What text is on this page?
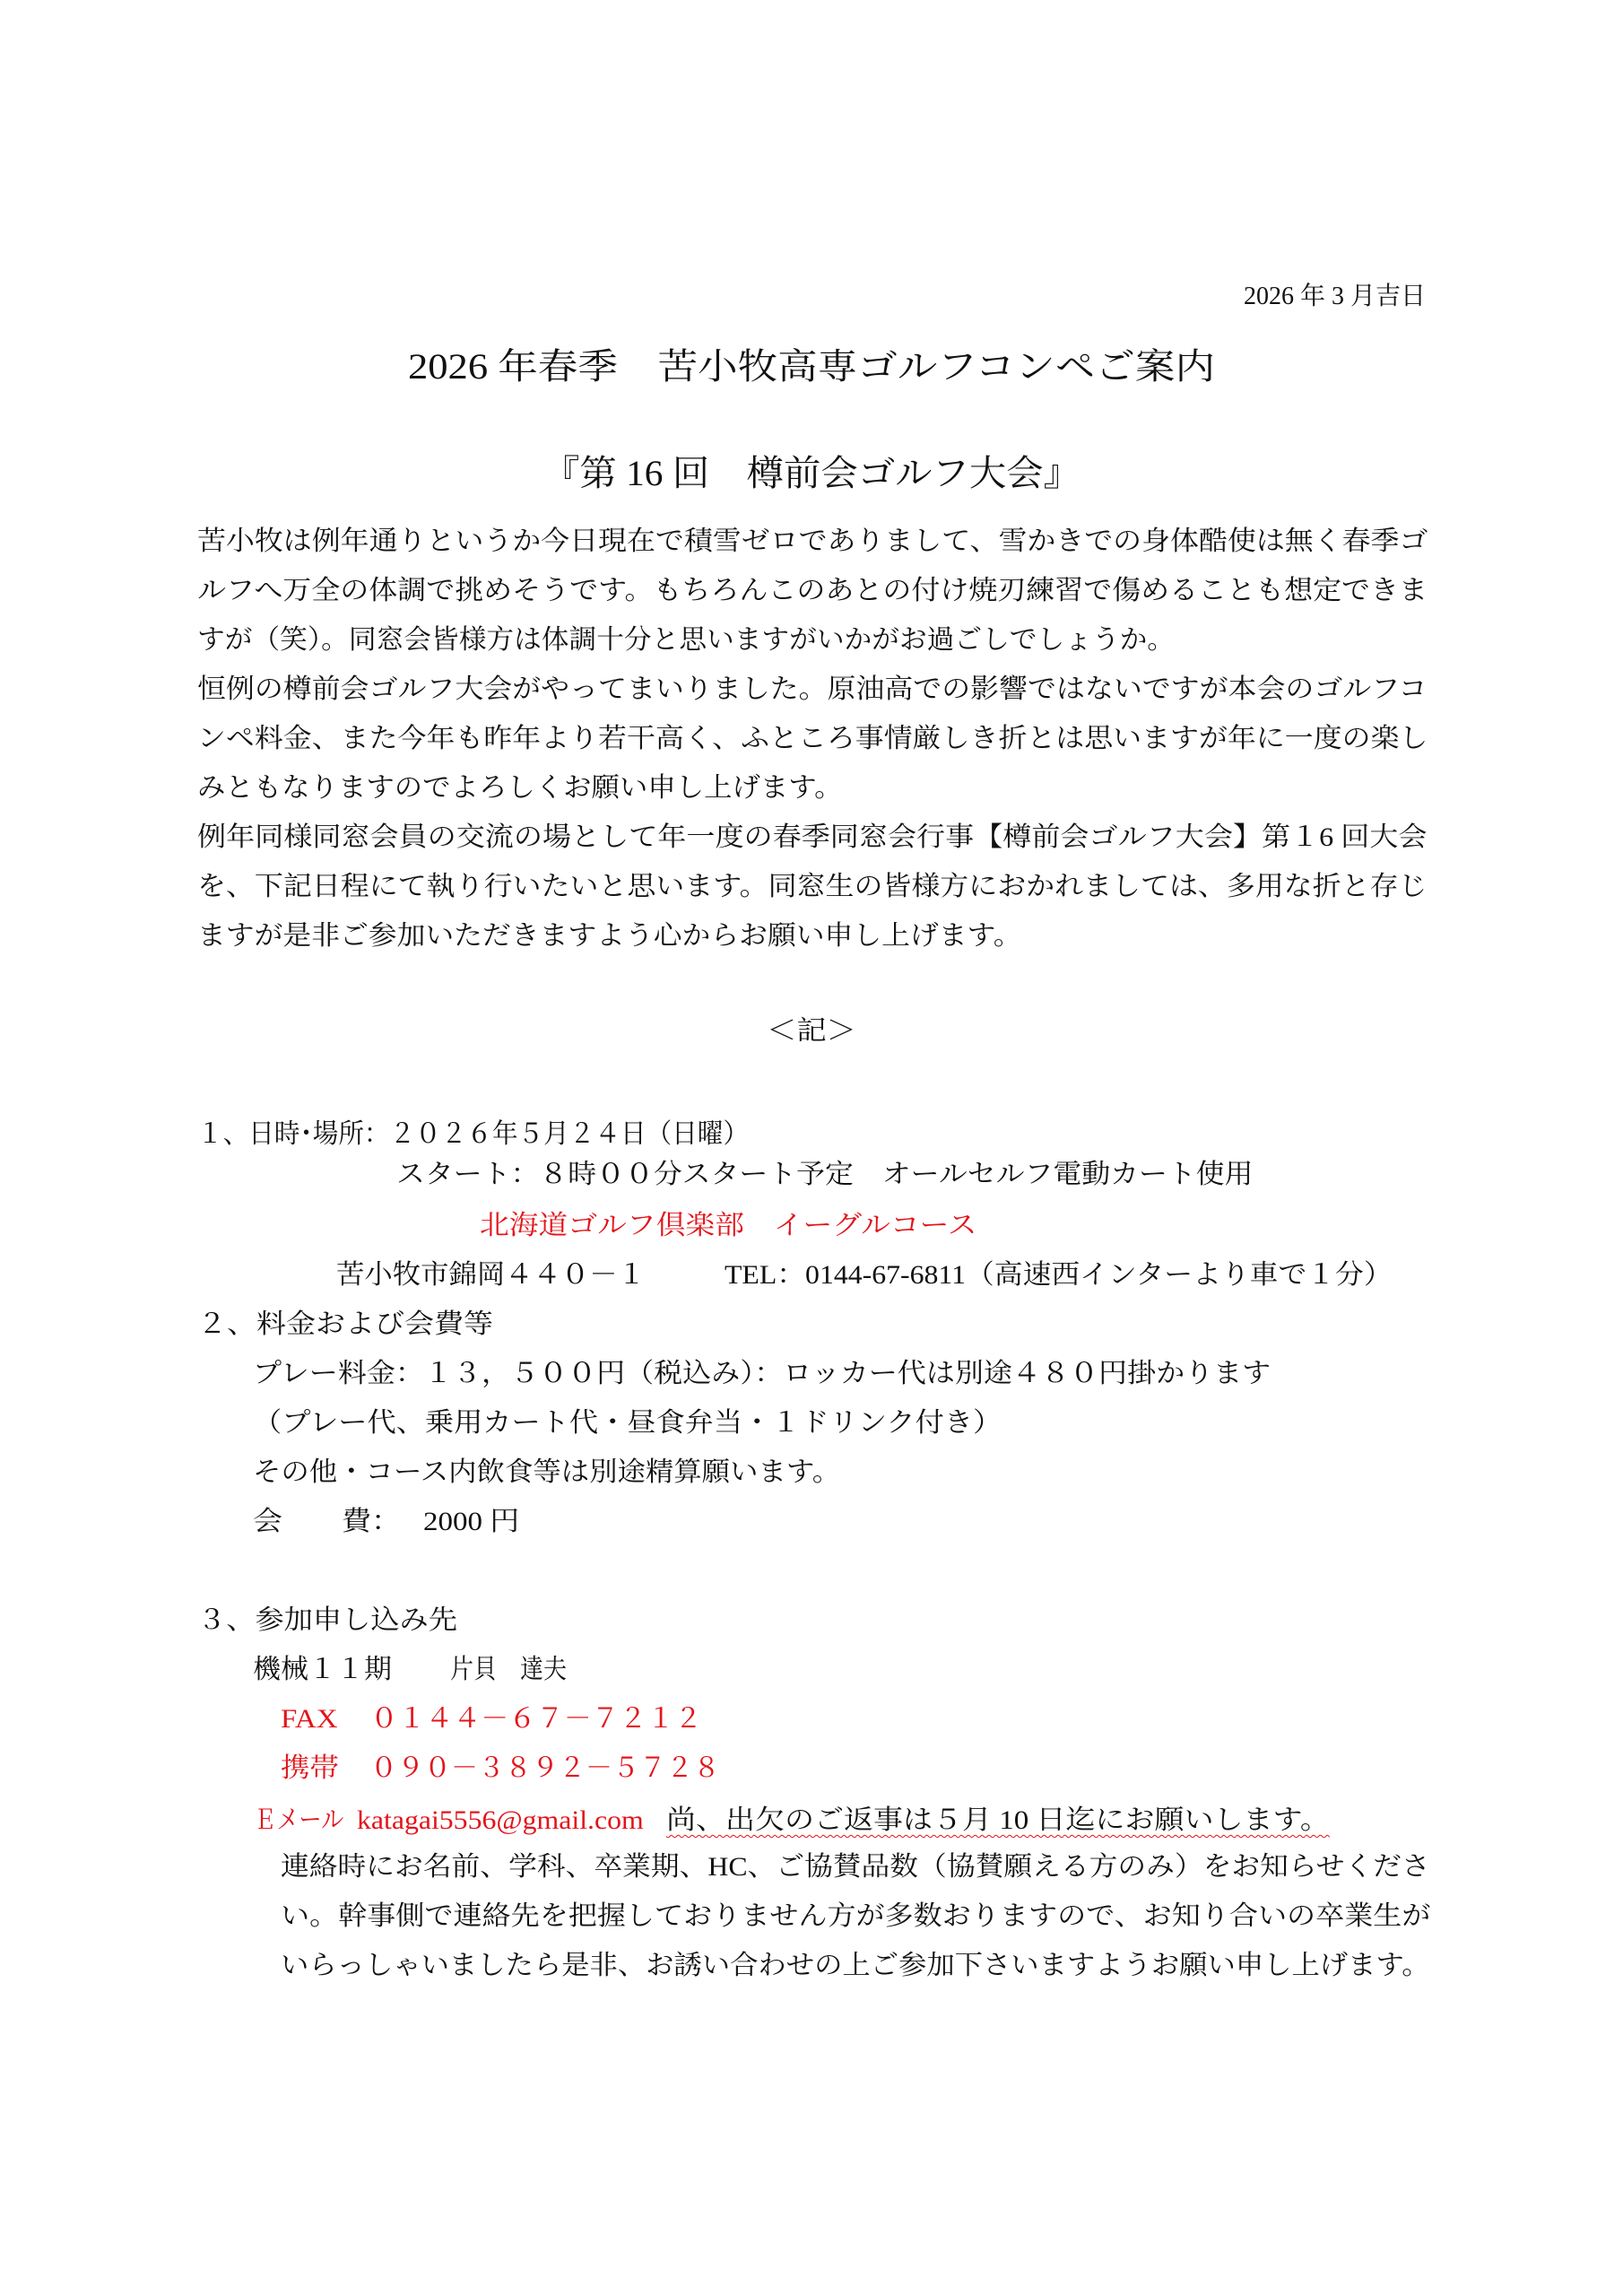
2026 年 3 月吉日
2026 年春季　苦小牧高専ゴルフコンペご案内
『第 16 回　樽前会ゴルフ大会』
苦小牧は例年通りというか今日現在で積雪ゼロでありまして、雪かきでの身体酷使は無く春季ゴ
ルフへ万全の体調で挑めそうです。もちろんこのあとの付け焼刃練習で傷めることも想定できま
すが（笑）。同窓会皆様方は体調十分と思いますがいかがお過ごしでしょうか。
恒例の樽前会ゴルフ大会がやってまいりました。原油高での影響ではないですが本会のゴルフコ
ンペ料金、また今年も昨年より若干高く、ふところ事情厳しき折とは思いますが年に一度の楽し
みともなりますのでよろしくお願い申し上げます。
例年同様同窓会員の交流の場として年一度の春季同窓会行事【樽前会ゴルフ大会】第１6 回大会
を、下記日程にて執り行いたいと思います。同窓生の皆様方におかれましては、多用な折と存じ
ますが是非ご参加いただきますよう心からお願い申し上げます。
＜記＞
１、日時･場所：２０２６年５月２４日（日曜）
スタート：８時００分スタート予定　オールセルフ電動カート使用
北海道ゴルフ倶楽部　イーグルコース
苦小牧市錦岡４４０－１	TEL：0144-67-6811（高速西インターより車で１分）
２、料金および会費等
プレー料金：１３，５００円（税込み）：ロッカー代は別途４８０円掛かります
（プレー代、乗用カート代・昼食弁当・１ドリンク付き）
その他・コース内飲食等は別途精算願います。
会　　費： 2000 円
３、参加申し込み先
機械１１期 片貝　達夫
FAX ０１４４－６７－７２１２
携帯 ０９０－３８９２－５７２８
Ｅメール katagai5556@gmail.com 尚、出欠のご返事は５月 10 日迄にお願いします。
連絡時にお名前、学科、卒業期、HC、ご協賛品数（協賛願える方のみ）をお知らせくださ
い。幹事側で連絡先を把握しておりません方が多数おりますので、お知り合いの卒業生が
いらっしゃいましたら是非、お誘い合わせの上ご参加下さいますようお願い申し上げます。
